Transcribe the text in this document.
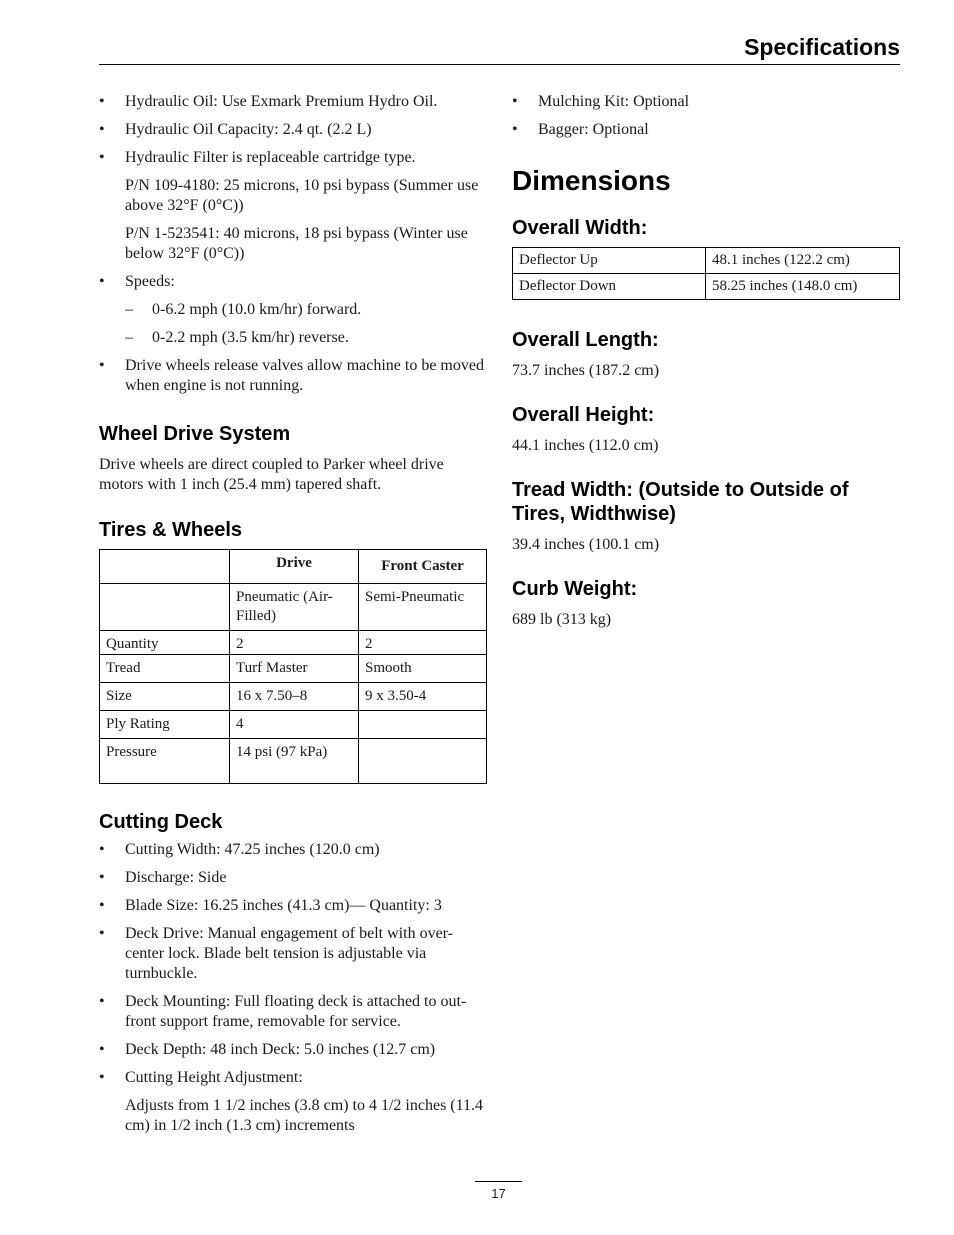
Specifications
• Hydraulic Oil: Use Exmark Premium Hydro Oil.
• Hydraulic Oil Capacity: 2.4 qt. (2.2 L)
• Hydraulic Filter is replaceable cartridge type.

P/N 109-4180: 25 microns, 10 psi bypass (Summer use above 32°F (0°C))

P/N 1-523541: 40 microns, 18 psi bypass (Winter use below 32°F (0°C))

• Speeds:
– 0-6.2 mph (10.0 km/hr) forward.
– 0-2.2 mph (3.5 km/hr) reverse.
• Drive wheels release valves allow machine to be moved when engine is not running.
Wheel Drive System

Drive wheels are direct coupled to Parker wheel drive motors with 1 inch (25.4 mm) tapered shaft.

Tires & Wheels
	Drive	Front Caster
	Pneumatic (Air-Filled)	Semi-Pneumatic
Quantity	2	2
Tread	Turf Master	Smooth
Size	16 x 7.50–8	9 x 3.50-4
Ply Rating	4	
Pressure	14 psi (97 kPa)	
Cutting Deck
• Cutting Width: 47.25 inches (120.0 cm)
• Discharge: Side
• Blade Size: 16.25 inches (41.3 cm)— Quantity: 3
• Deck Drive: Manual engagement of belt with over-center lock. Blade belt tension is adjustable via turnbuckle.
• Deck Mounting: Full floating deck is attached to out-front support frame, removable for service.
• Deck Depth: 48 inch Deck: 5.0 inches (12.7 cm)
• Cutting Height Adjustment:

Adjusts from 1 1/2 inches (3.8 cm) to 4 1/2 inches (11.4 cm) in 1/2 inch (1.3 cm) increments

• Mulching Kit: Optional
• Bagger: Optional
Dimensions
Overall Width:
Deflector Up	48.1 inches (122.2 cm)
Deflector Down	58.25 inches (148.0 cm)
Overall Length:

73.7 inches (187.2 cm)

Overall Height:

44.1 inches (112.0 cm)

Tread Width: (Outside to Outside of Tires, Widthwise)

39.4 inches (100.1 cm)

Curb Weight:

689 lb (313 kg)

17
